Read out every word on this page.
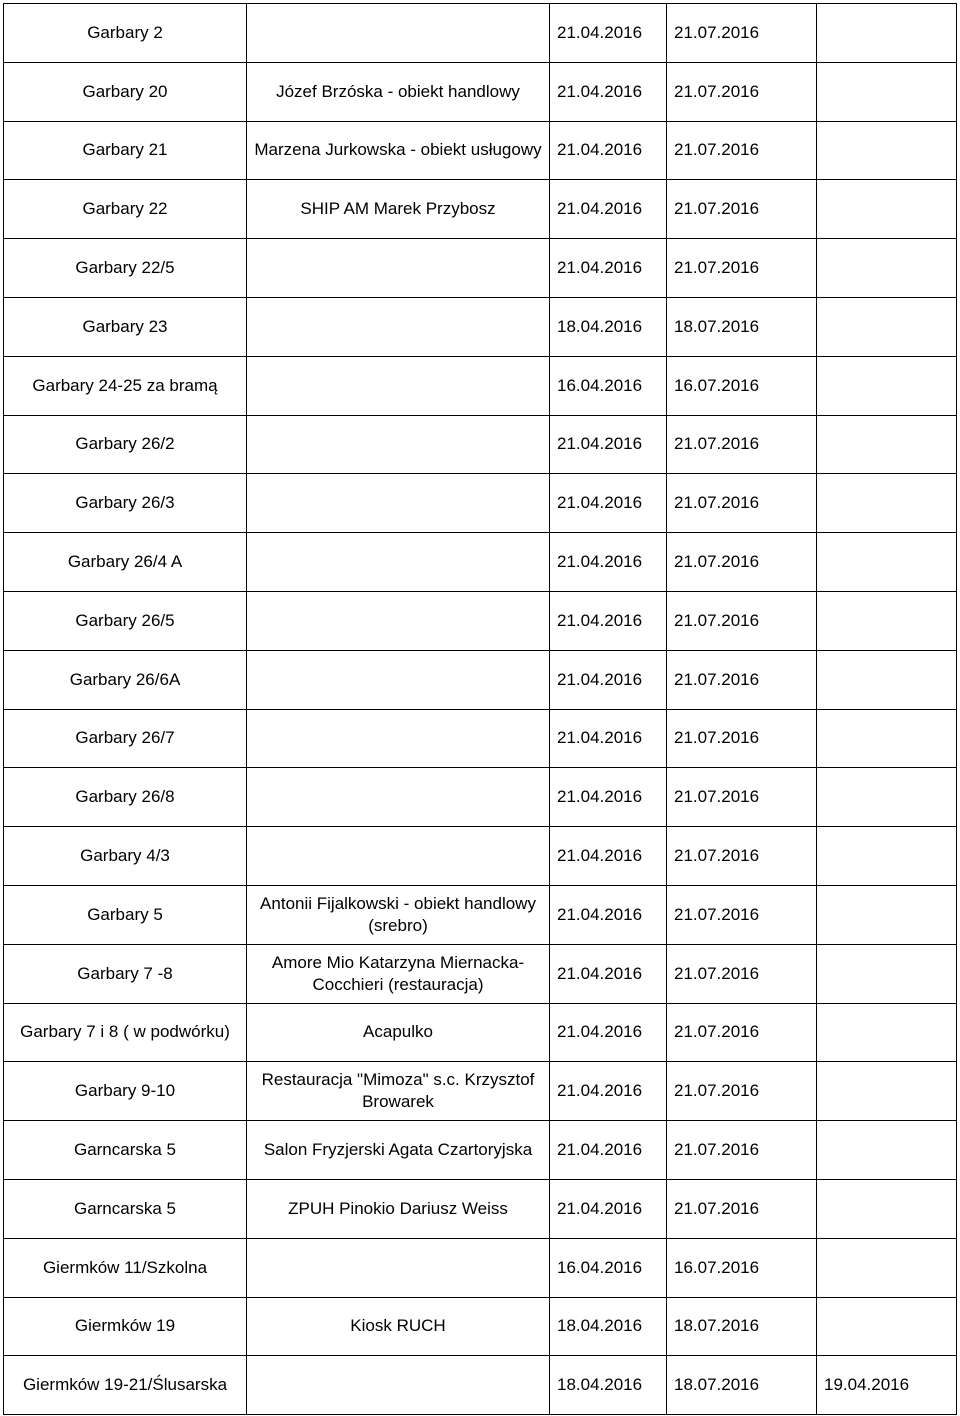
Garbary 2		21.04.2016	21.07.2016	
Garbary 20	Józef Brzóska - obiekt handlowy	21.04.2016	21.07.2016	
Garbary 21	Marzena Jurkowska - obiekt usługowy	21.04.2016	21.07.2016	
Garbary 22	SHIP AM Marek Przybosz	21.04.2016	21.07.2016	
Garbary 22/5		21.04.2016	21.07.2016	
Garbary 23		18.04.2016	18.07.2016	
Garbary 24-25 za bramą		16.04.2016	16.07.2016	
Garbary 26/2		21.04.2016	21.07.2016	
Garbary 26/3		21.04.2016	21.07.2016	
Garbary 26/4 A		21.04.2016	21.07.2016	
Garbary 26/5		21.04.2016	21.07.2016	
Garbary 26/6A		21.04.2016	21.07.2016	
Garbary 26/7		21.04.2016	21.07.2016	
Garbary 26/8		21.04.2016	21.07.2016	
Garbary 4/3		21.04.2016	21.07.2016	
Garbary 5	Antonii Fijalkowski - obiekt handlowy (srebro)	21.04.2016	21.07.2016	
Garbary 7 -8	Amore Mio Katarzyna Miernacka-Cocchieri (restauracja)	21.04.2016	21.07.2016	
Garbary 7 i 8 ( w podwórku)	Acapulko	21.04.2016	21.07.2016	
Garbary 9-10	Restauracja "Mimoza" s.c. Krzysztof Browarek	21.04.2016	21.07.2016	
Garncarska 5	Salon Fryzjerski Agata Czartoryjska	21.04.2016	21.07.2016	
Garncarska 5	ZPUH Pinokio Dariusz Weiss	21.04.2016	21.07.2016	
Giermków 11/Szkolna		16.04.2016	16.07.2016	
Giermków 19	Kiosk RUCH	18.04.2016	18.07.2016	
Giermków 19-21/Ślusarska		18.04.2016	18.07.2016	19.04.2016
